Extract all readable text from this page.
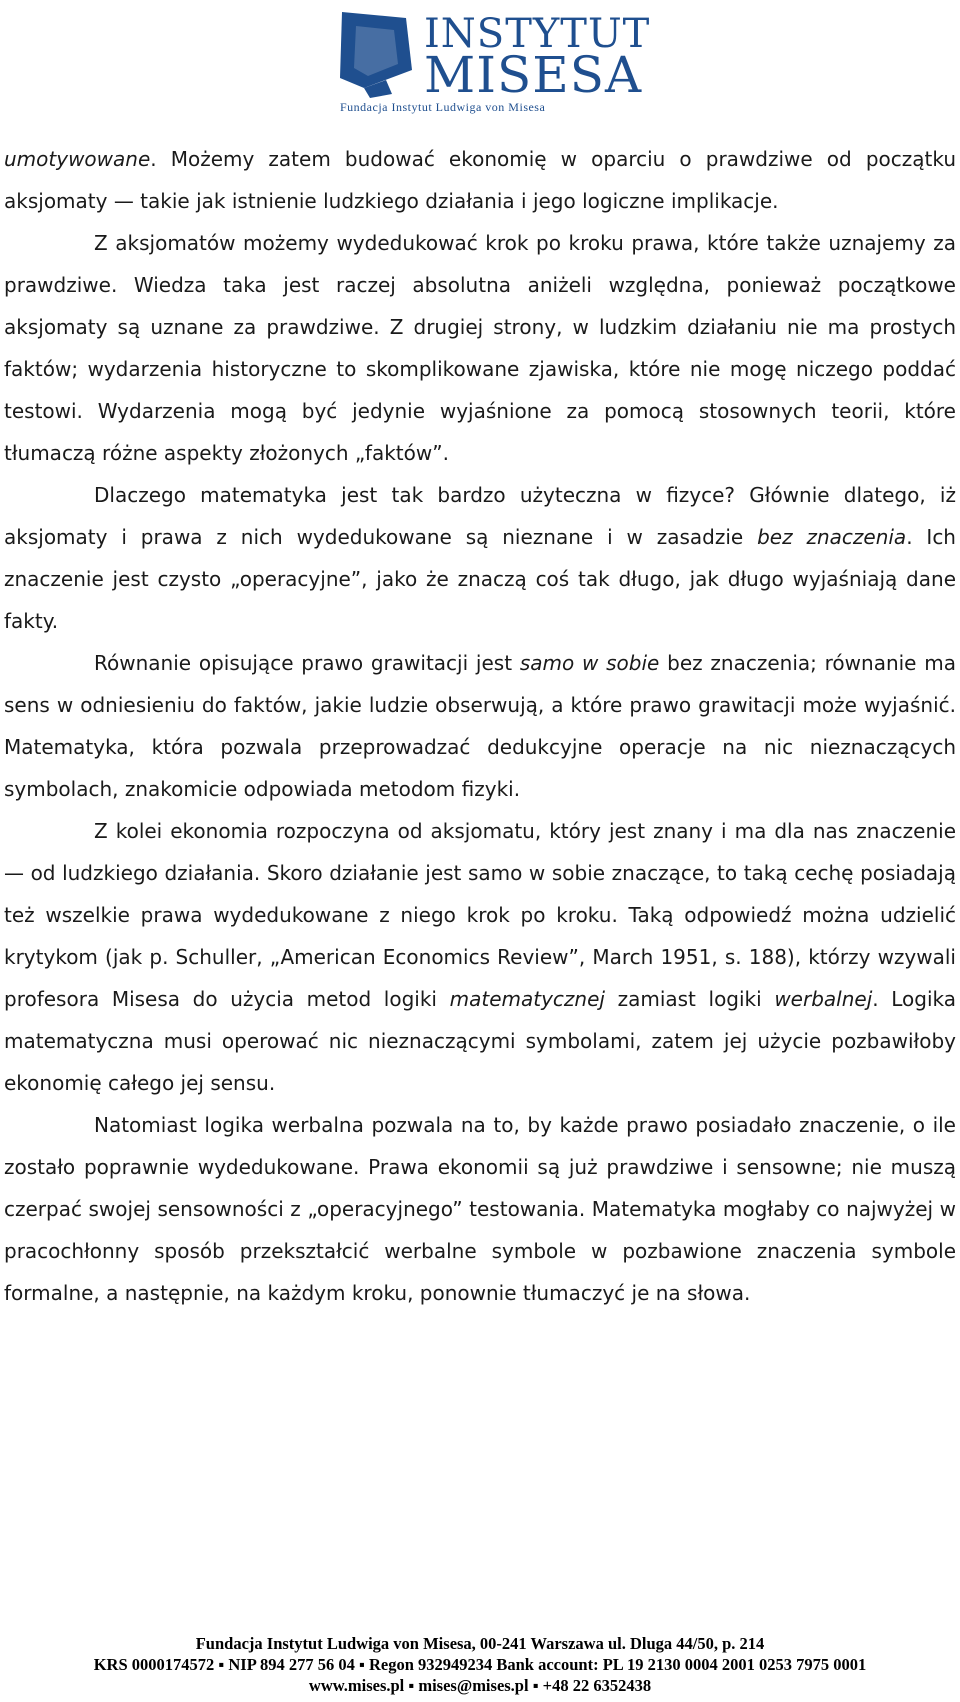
INSTYTUT
MISESA
Fundacja Instytut Ludwiga von Misesa

umotywowane. Możemy zatem budować ekonomię w oparciu o prawdziwe od początku aksjomaty — takie jak istnienie ludzkiego działania i jego logiczne implikacje.

Z aksjomatów możemy wydedukować krok po kroku prawa, które także uznajemy za prawdziwe. Wiedza taka jest raczej absolutna aniżeli względna, ponieważ początkowe aksjomaty są uznane za prawdziwe. Z drugiej strony, w ludzkim działaniu nie ma prostych faktów; wydarzenia historyczne to skomplikowane zjawiska, które nie mogę niczego poddać testowi. Wydarzenia mogą być jedynie wyjaśnione za pomocą stosownych teorii, które tłumaczą różne aspekty złożonych „faktów”.

Dlaczego matematyka jest tak bardzo użyteczna w fizyce? Głównie dlatego, iż aksjomaty i prawa z nich wydedukowane są nieznane i w zasadzie bez znaczenia. Ich znaczenie jest czysto „operacyjne”, jako że znaczą coś tak długo, jak długo wyjaśniają dane fakty.

Równanie opisujące prawo grawitacji jest samo w sobie bez znaczenia; równanie ma sens w odniesieniu do faktów, jakie ludzie obserwują, a które prawo grawitacji może wyjaśnić. Matematyka, która pozwala przeprowadzać dedukcyjne operacje na nic nieznaczących symbolach, znakomicie odpowiada metodom fizyki.

Z kolei ekonomia rozpoczyna od aksjomatu, który jest znany i ma dla nas znaczenie — od ludzkiego działania. Skoro działanie jest samo w sobie znaczące, to taką cechę posiadają też wszelkie prawa wydedukowane z niego krok po kroku. Taką odpowiedź można udzielić krytykom (jak p. Schuller, „American Economics Review”, March 1951, s. 188), którzy wzywali profesora Misesa do użycia metod logiki matematycznej zamiast logiki werbalnej. Logika matematyczna musi operować nic nieznaczącymi symbolami, zatem jej użycie pozbawiłoby ekonomię całego jej sensu.

Natomiast logika werbalna pozwala na to, by każde prawo posiadało znaczenie, o ile zostało poprawnie wydedukowane. Prawa ekonomii są już prawdziwe i sensowne; nie muszą czerpać swojej sensowności z „operacyjnego” testowania. Matematyka mogłaby co najwyżej w pracochłonny sposób przekształcić werbalne symbole w pozbawione znaczenia symbole formalne, a następnie, na każdym kroku, ponownie tłumaczyć je na słowa.

Fundacja Instytut Ludwiga von Misesa, 00-241 Warszawa ul. Dluga 44/50, p. 214
KRS 0000174572 ▪ NIP 894 277 56 04 ▪ Regon 932949234 Bank account: PL 19 2130 0004 2001 0253 7975 0001
www.mises.pl ▪ mises@mises.pl ▪ +48 22 6352438
